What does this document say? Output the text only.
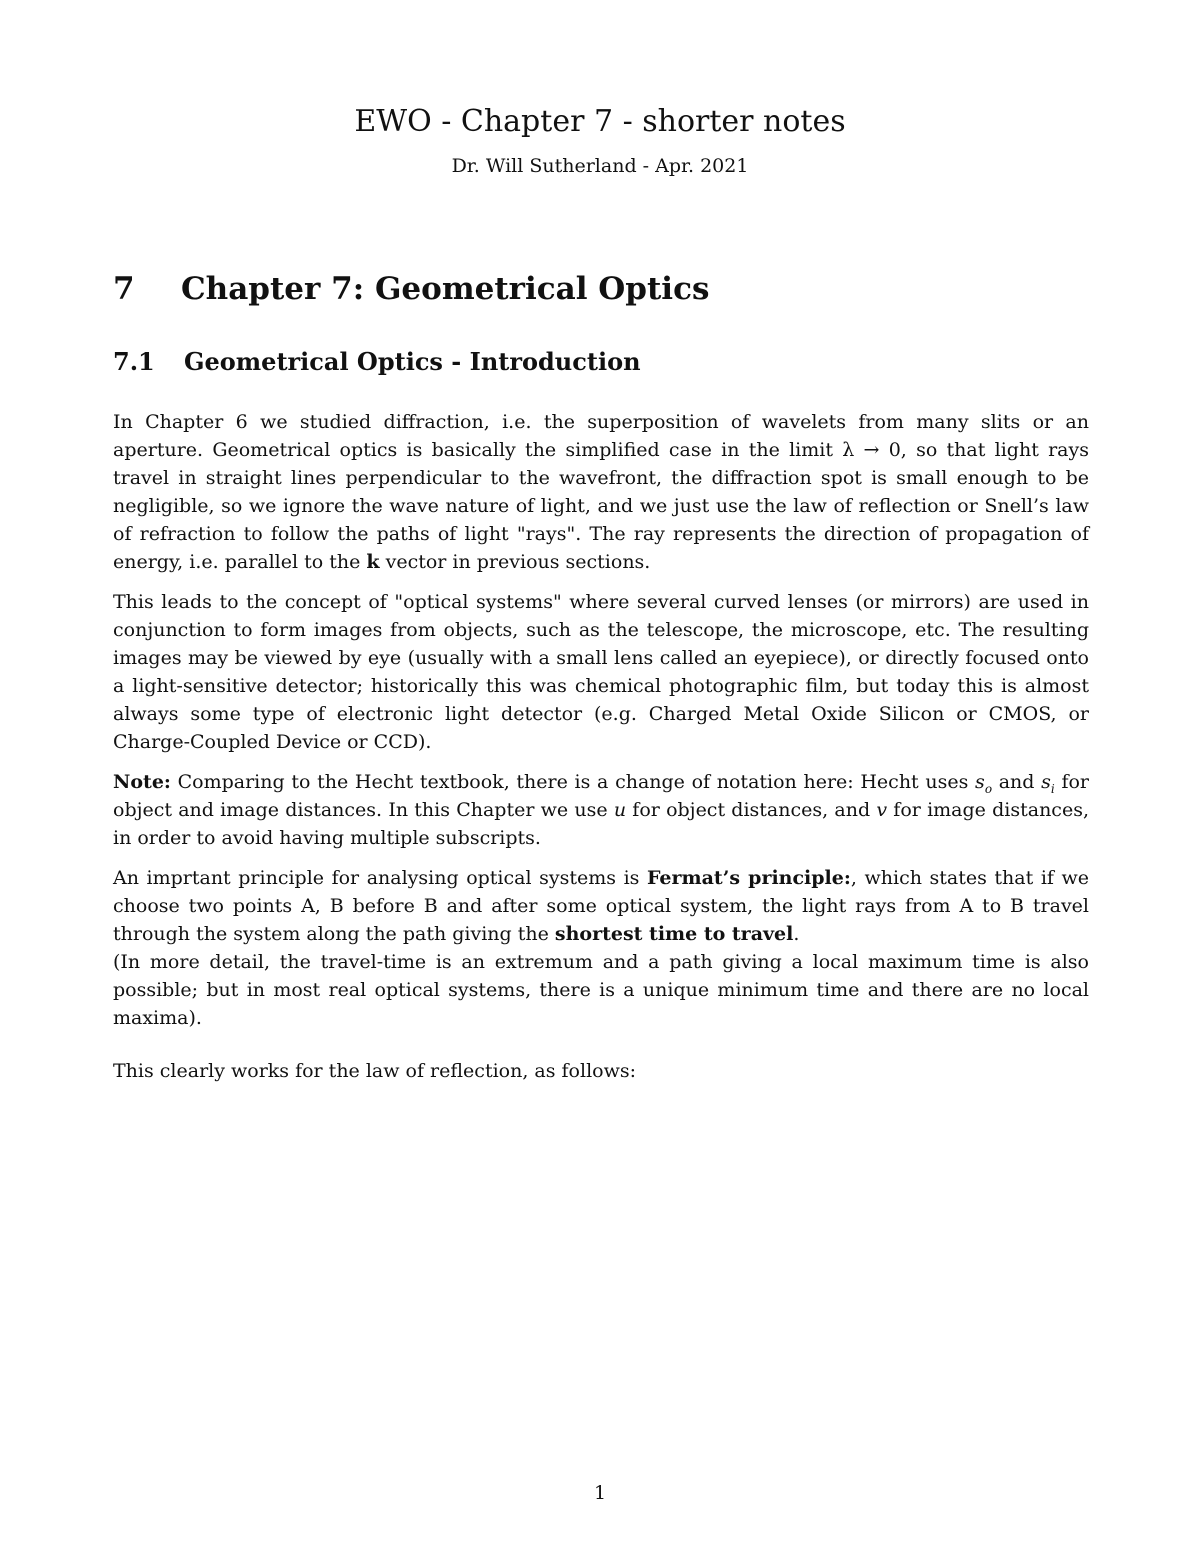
EWO - Chapter 7 - shorter notes

Dr. Will Sutherland - Apr. 2021

7 Chapter 7: Geometrical Optics
7.1 Geometrical Optics - Introduction

In Chapter 6 we studied diffraction, i.e. the superposition of wavelets from many slits or an aperture. Geometrical optics is basically the simplified case in the limit λ → 0, so that light rays travel in straight lines perpendicular to the wavefront, the diffraction spot is small enough to be negligible, so we ignore the wave nature of light, and we just use the law of reflection or Snell’s law of refraction to follow the paths of light "rays". The ray represents the direction of propagation of energy, i.e. parallel to the k vector in previous sections.

This leads to the concept of "optical systems" where several curved lenses (or mirrors) are used in conjunction to form images from objects, such as the telescope, the microscope, etc. The resulting images may be viewed by eye (usually with a small lens called an eyepiece), or directly focused onto a light-sensitive detector; historically this was chemical photographic film, but today this is almost always some type of electronic light detector (e.g. Charged Metal Oxide Silicon or CMOS, or Charge-Coupled Device or CCD).

Note: Comparing to the Hecht textbook, there is a change of notation here: Hecht uses $s_o$ and $s_i$ for object and image distances. In this Chapter we use u for object distances, and v for image distances, in order to avoid having multiple subscripts.

An imprtant principle for analysing optical systems is Fermat’s principle:, which states that if we choose two points A, B before B and after some optical system, the light rays from A to B travel through the system along the path giving the shortest time to travel.

(In more detail, the travel-time is an extremum and a path giving a local maximum time is also possible; but in most real optical systems, there is a unique minimum time and there are no local maxima).

This clearly works for the law of reflection, as follows:

1
